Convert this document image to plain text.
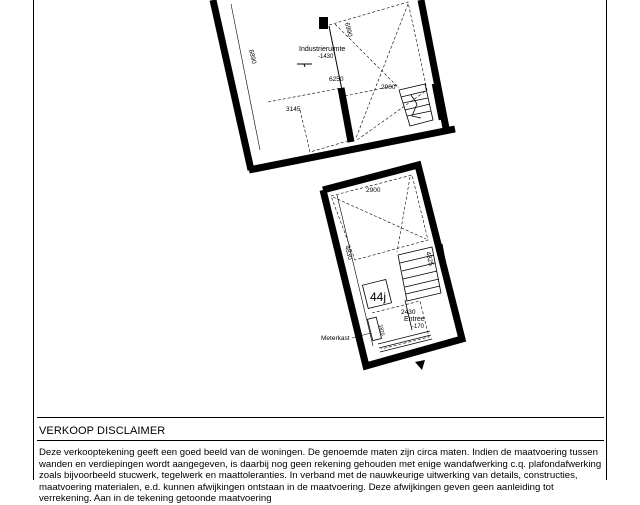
6990
6890	Industrieruimte
-1430
6250
3145
2900
2900
4830	4825
44j
2430
Entree
-170
1820
Meterkast
VERKOOP DISCLAIMER

Deze verkooptekening geeft een goed beeld van de woningen. De genoemde maten zijn circa maten. Indien de maatvoering tussen wanden en verdiepingen wordt aangegeven, is daarbij nog geen rekening gehouden met enige wandafwerking c.q. plafondafwerking zoals bijvoorbeeld stucwerk, tegelwerk en maattoleranties. In verband met de nauwkeurige uitwerking van details, constructies, maatvoering materialen, e.d. kunnen afwijkingen ontstaan in de maatvoering. Deze afwijkingen geven geen aanleiding tot verrekening. Aan in de tekening getoonde maatvoering
